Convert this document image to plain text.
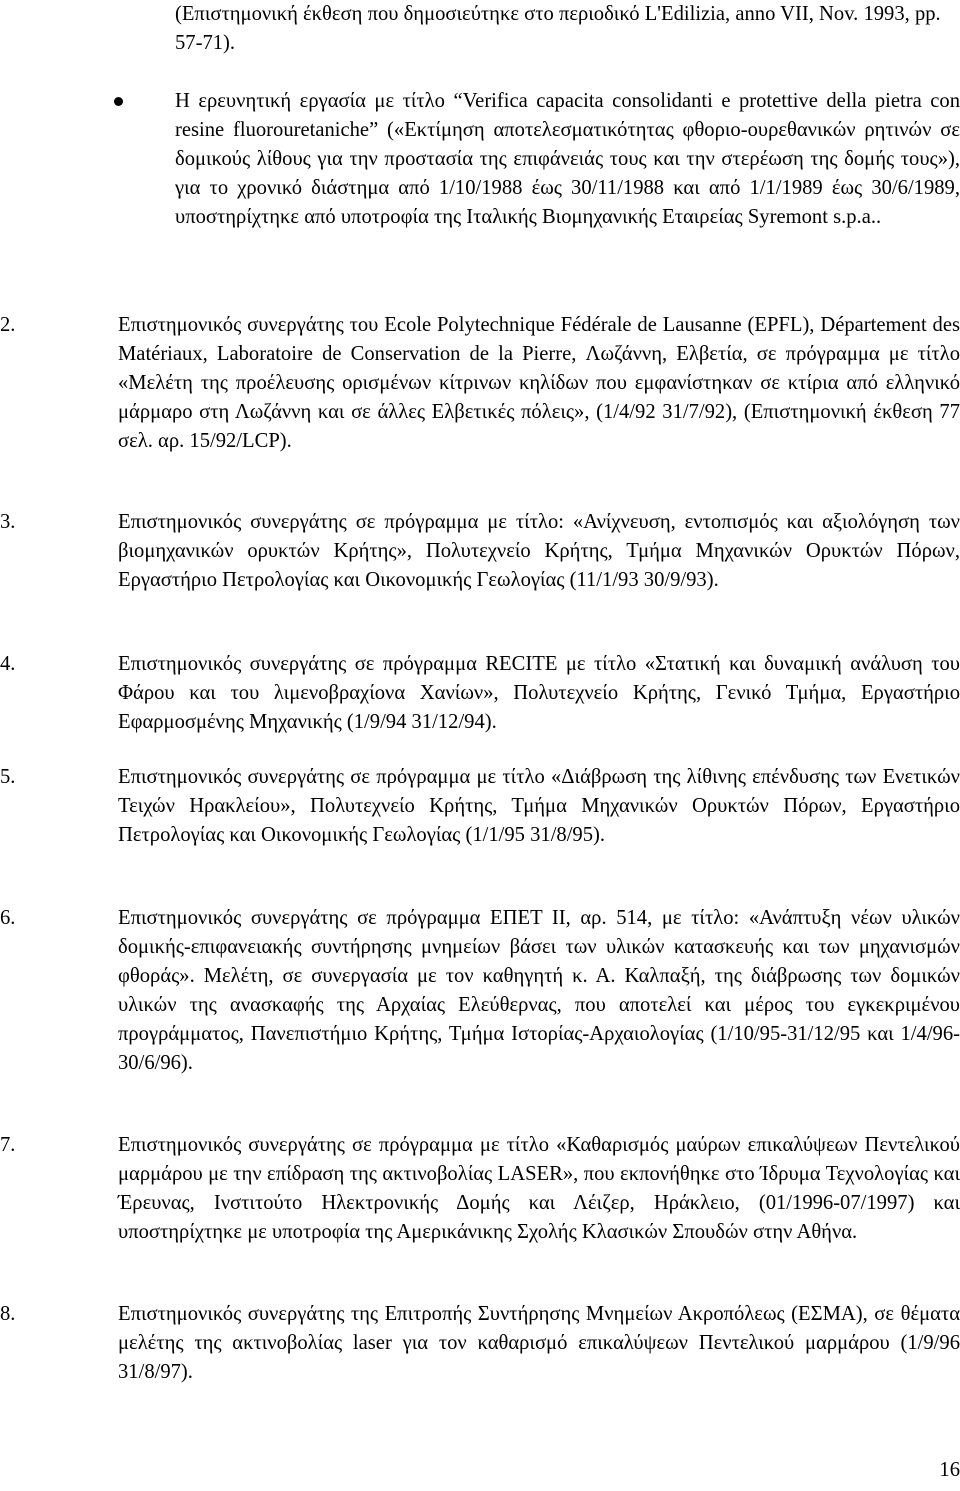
(Επιστημονική έκθεση που δημοσιεύτηκε στο περιοδικό L'Edilizia, anno VII, Nov. 1993, pp. 57-71).

Η ερευνητική εργασία με τίτλο “Verifica capacita consolidanti e protettive della pietra con resine fluorouretaniche” («Εκτίμηση αποτελεσματικότητας φθοριο-ουρεθανικών ρητινών σε δομικούς λίθους για την προστασία της επιφάνειάς τους και την στερέωση της δομής τους»), για το χρονικό διάστημα από 1/10/1988 έως 30/11/1988 και από 1/1/1989 έως 30/6/1989, υποστηρίχτηκε από υποτροφία της Ιταλικής Βιομηχανικής Εταιρείας Syremont s.p.a..

2.	Επιστημονικός συνεργάτης του Ecole Polytechnique Fédérale de Lausanne (EPFL), Département des Matériaux, Laboratoire de Conservation de la Pierre, Λωζάννη, Ελβετία, σε πρόγραμμα με τίτλο «Μελέτη της προέλευσης ορισμένων κίτρινων κηλίδων που εμφανίστηκαν σε κτίρια από ελληνικό μάρμαρο στη Λωζάννη και σε άλλες Ελβετικές πόλεις», (1/4/92 31/7/92), (Επιστημονική έκθεση 77 σελ. αρ. 15/92/LCP).

3.	Επιστημονικός συνεργάτης σε πρόγραμμα με τίτλο: «Ανίχνευση, εντοπισμός και αξιολόγηση των βιομηχανικών ορυκτών Κρήτης», Πολυτεχνείο Κρήτης, Τμήμα Μηχανικών Ορυκτών Πόρων, Εργαστήριο Πετρολογίας και Οικονομικής Γεωλογίας (11/1/93 30/9/93).

4.	Επιστημονικός συνεργάτης σε πρόγραμμα RECITE με τίτλο «Στατική και δυναμική ανάλυση του Φάρου και του λιμενοβραχίονα Χανίων», Πολυτεχνείο Κρήτης, Γενικό Τμήμα, Εργαστήριο Εφαρμοσμένης Μηχανικής (1/9/94 31/12/94).

5.	Επιστημονικός συνεργάτης σε πρόγραμμα με τίτλο «Διάβρωση της λίθινης επένδυσης των Ενετικών Τειχών Ηρακλείου», Πολυτεχνείο Κρήτης, Τμήμα Μηχανικών Ορυκτών Πόρων, Εργαστήριο Πετρολογίας και Οικονομικής Γεωλογίας (1/1/95 31/8/95).

6.	Επιστημονικός συνεργάτης σε πρόγραμμα ΕΠΕΤ ΙΙ, αρ. 514, με τίτλο: «Ανάπτυξη νέων υλικών δομικής-επιφανειακής συντήρησης μνημείων βάσει των υλικών κατασκευής και των μηχανισμών φθοράς». Μελέτη, σε συνεργασία με τον καθηγητή κ. Α. Καλπαξή, της διάβρωσης των δομικών υλικών της ανασκαφής της Αρχαίας Ελεύθερνας, που αποτελεί και μέρος του εγκεκριμένου προγράμματος, Πανεπιστήμιο Κρήτης, Τμήμα Ιστορίας-Αρχαιολογίας (1/10/95-31/12/95 και 1/4/96-30/6/96).

7.	Επιστημονικός συνεργάτης σε πρόγραμμα με τίτλο «Καθαρισμός μαύρων επικαλύψεων Πεντελικού μαρμάρου με την επίδραση της ακτινοβολίας LASER», που εκπονήθηκε στο Ίδρυμα Τεχνολογίας και Έρευνας, Ινστιτούτο Ηλεκτρονικής Δομής και Λέιζερ, Ηράκλειο, (01/1996-07/1997) και υποστηρίχτηκε με υποτροφία της Αμερικάνικης Σχολής Κλασικών Σπουδών στην Αθήνα.

8.	Επιστημονικός συνεργάτης της Επιτροπής Συντήρησης Μνημείων Ακροπόλεως (ΕΣΜΑ), σε θέματα μελέτης της ακτινοβολίας laser για τον καθαρισμό επικαλύψεων Πεντελικού μαρμάρου (1/9/96 31/8/97).

16
